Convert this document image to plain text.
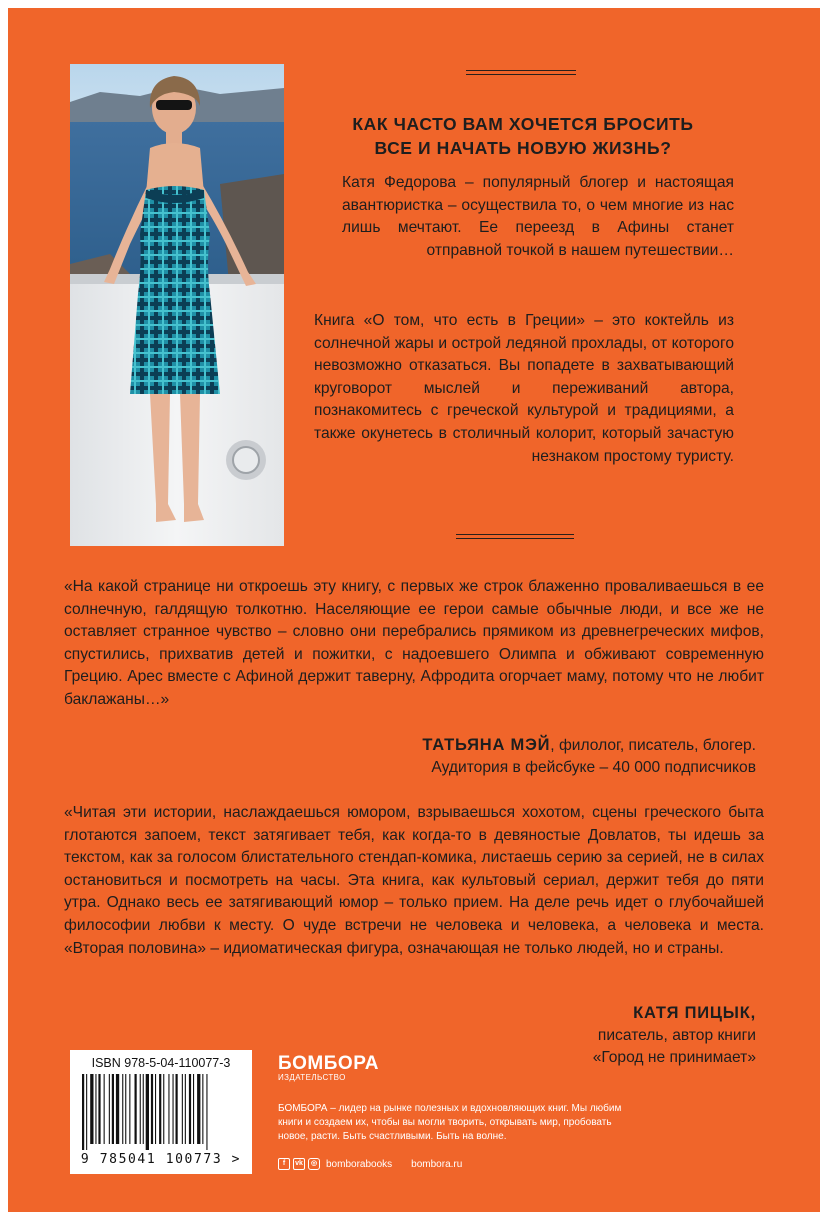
КАК ЧАСТО ВАМ ХОЧЕТСЯ БРОСИТЬ
ВСЕ И НАЧАТЬ НОВУЮ ЖИЗНЬ?
Катя Федорова – популярный блогер и настоящая авантюристка – осуществила то, о чем многие из нас лишь мечтают. Ее переезд в Афины станет отправной точкой в нашем путешествии…
Книга «О том, что есть в Греции» – это коктейль из солнечной жары и острой ледяной прохлады, от которого невозможно отказаться. Вы попадете в захватывающий круговорот мыслей и переживаний автора, познакомитесь с греческой культурой и традициями, а также окунетесь в столичный колорит, который зачастую незнаком простому туристу.
«На какой странице ни откроешь эту книгу, с первых же строк блаженно проваливаешься в ее солнечную, галдящую толкотню. Населяющие ее герои самые обычные люди, и все же не оставляет странное чувство – словно они перебрались прямиком из древнегреческих мифов, спустились, прихватив детей и пожитки, с надоевшего Олимпа и обживают современную Грецию. Арес вместе с Афиной держит таверну, Афродита огорчает маму, потому что не любит баклажаны…»
ТАТЬЯНА МЭЙ, филолог, писатель, блогер.
Аудитория в фейсбуке – 40 000 подписчиков
«Читая эти истории, наслаждаешься юмором, взрываешься хохотом, сцены греческого быта глотаются запоем, текст затягивает тебя, как когда-то в девяностые Довлатов, ты идешь за текстом, как за голосом блистательного стендап-комика, листаешь серию за серией, не в силах остановиться и посмотреть на часы. Эта книга, как культовый сериал, держит тебя до пяти утра. Однако весь ее затягивающий юмор – только прием. На деле речь идет о глубочайшей философии любви к месту. О чуде встречи не человека и человека, а человека и места. «Вторая половина» – идиоматическая фигура, означающая не только людей, но и страны.
КАТЯ ПИЦЫК,
писатель, автор книги
«Город не принимает»
ISBN 978-5-04-110077-3
9 785041 100773 >
БОМБОРА
ИЗДАТЕЛЬСТВО
БОМБОРА – лидер на рынке полезных и вдохновляющих книг. Мы любим книги и создаем их, чтобы вы могли творить, открывать мир, пробовать новое, расти. Быть счастливыми. Быть на волне.
f	vk	◎ bomborabooks bombora.ru
